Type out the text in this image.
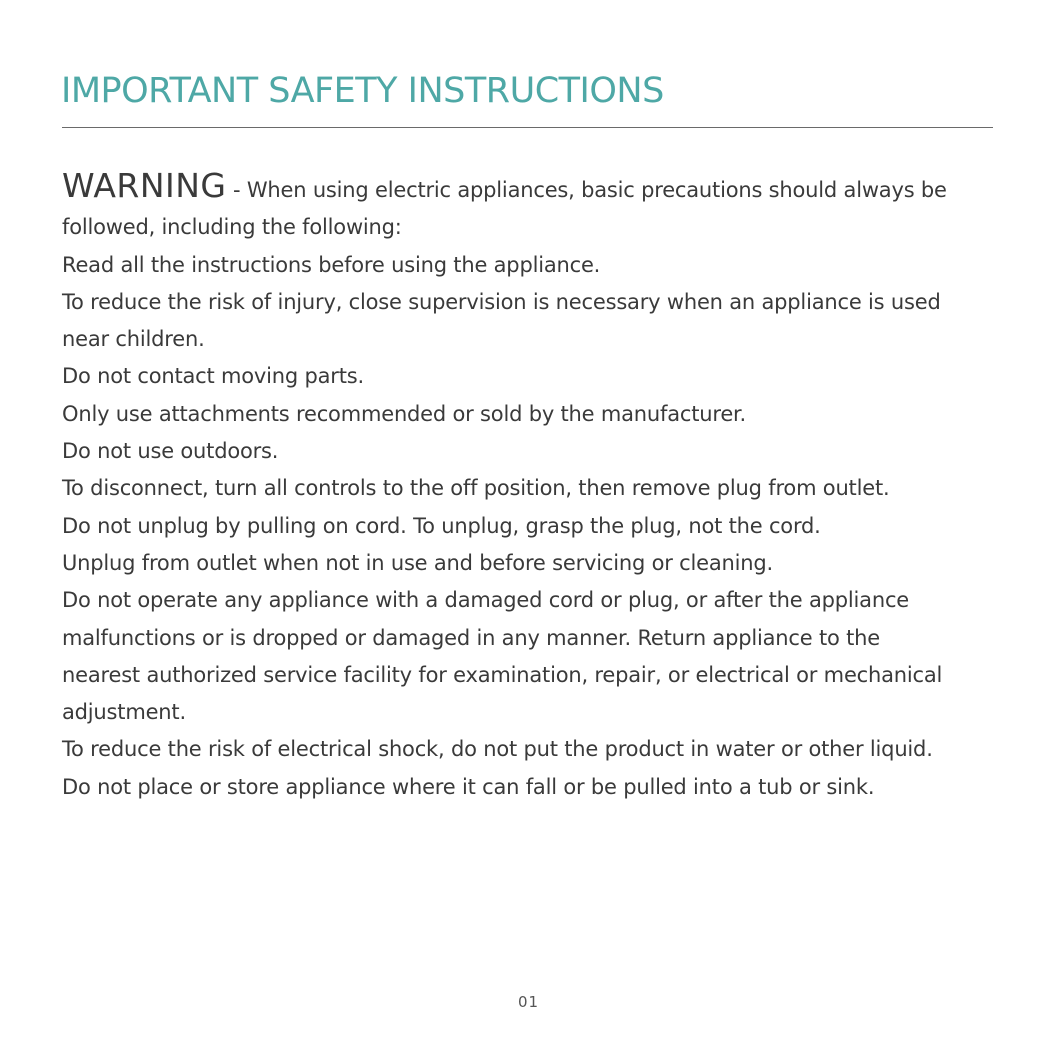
IMPORTANT SAFETY INSTRUCTIONS

WARNING - When using electric appliances, basic precautions should always be followed, including the following:

Read all the instructions before using the appliance.

To reduce the risk of injury, close supervision is necessary when an appliance is used near children.

Do not contact moving parts.

Only use attachments recommended or sold by the manufacturer.

Do not use outdoors.

To disconnect, turn all controls to the off position, then remove plug from outlet.

Do not unplug by pulling on cord. To unplug, grasp the plug, not the cord.

Unplug from outlet when not in use and before servicing or cleaning.

Do not operate any appliance with a damaged cord or plug, or after the appliance malfunctions or is dropped or damaged in any manner. Return appliance to the nearest authorized service facility for examination, repair, or electrical or mechanical adjustment.

To reduce the risk of electrical shock, do not put the product in water or other liquid. Do not place or store appliance where it can fall or be pulled into a tub or sink.

01
